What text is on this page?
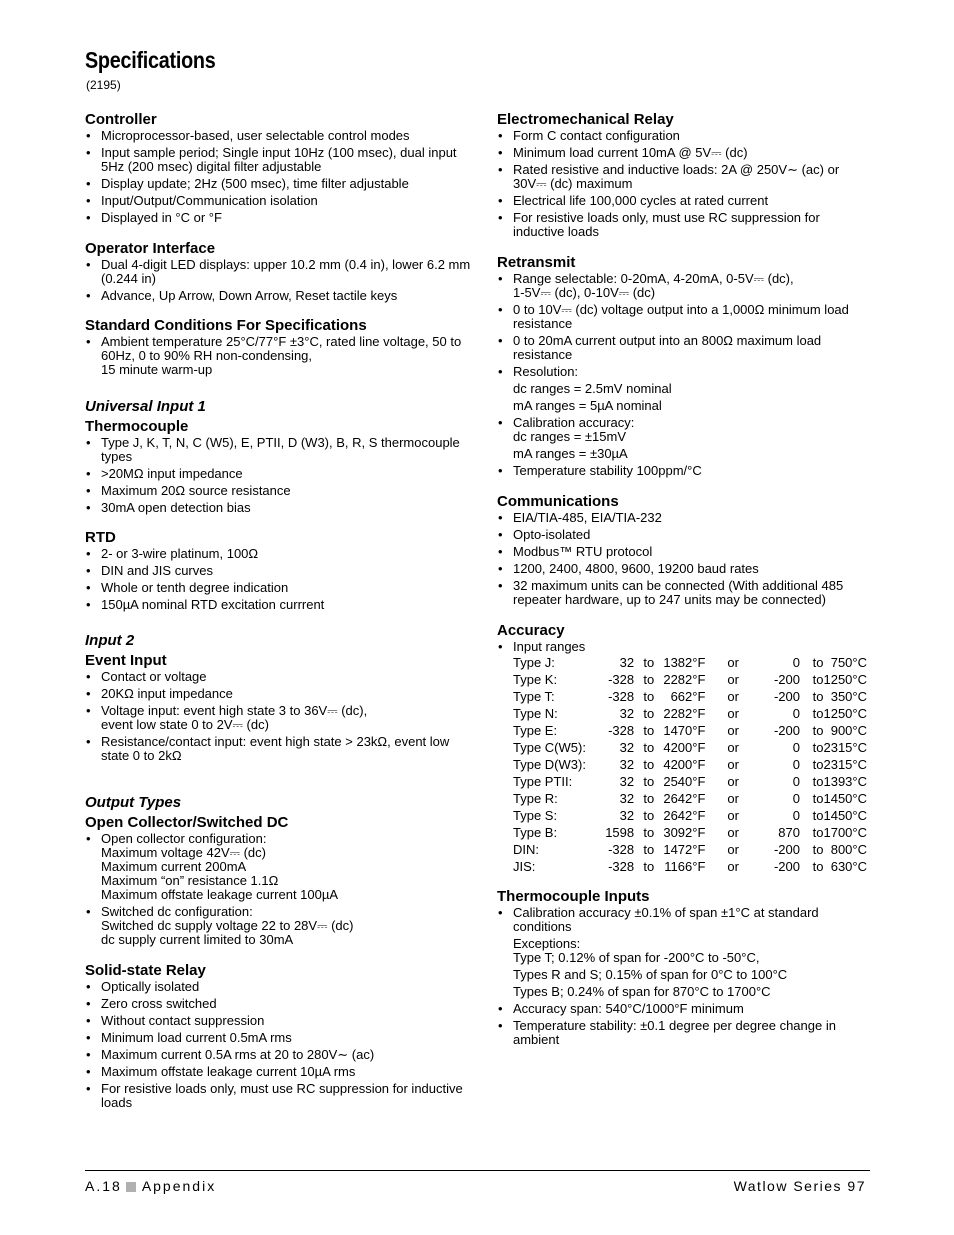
Specifications
(2195)
Controller
• Microprocessor-based, user selectable control modes
• Input sample period; Single input 10Hz (100 msec), dual input 5Hz (200 msec) digital filter adjustable
• Display update; 2Hz (500 msec), time filter adjustable
• Input/Output/Communication isolation
• Displayed in °C or °F
Operator Interface
• Dual 4-digit LED displays: upper 10.2 mm (0.4 in), lower 6.2 mm (0.244 in)
• Advance, Up Arrow, Down Arrow, Reset tactile keys
Standard Conditions For Specifications
• Ambient temperature 25°C/77°F ±3°C, rated line voltage, 50 to 60Hz, 0 to 90% RH non-condensing,
15 minute warm-up
Universal Input 1
Thermocouple
• Type J, K, T, N, C (W5), E, PTII, D (W3), B, R, S thermocouple types
• >20MΩ input impedance
• Maximum 20Ω source resistance
• 30mA open detection bias
RTD
• 2- or 3-wire platinum, 100Ω
• DIN and JIS curves
• Whole or tenth degree indication
• 150µA nominal RTD excitation currrent
Input 2
Event Input
• Contact or voltage
• 20KΩ input impedance
• Voltage input: event high state 3 to 36V⎓ (dc),
event low state 0 to 2V⎓ (dc)
• Resistance/contact input: event high state > 23kΩ, event low state 0 to 2kΩ
Output Types
Open Collector/Switched DC
• Open collector configuration:
Maximum voltage 42V⎓ (dc)
Maximum current 200mA
Maximum “on” resistance 1.1Ω
Maximum offstate leakage current 100µA
• Switched dc configuration:
Switched dc supply voltage 22 to 28V⎓ (dc)
dc supply current limited to 30mA
Solid-state Relay
• Optically isolated
• Zero cross switched
• Without contact suppression
• Minimum load current 0.5mA rms
• Maximum current 0.5A rms at 20 to 280V∼ (ac)
• Maximum offstate leakage current 10µA rms
• For resistive loads only, must use RC suppression for inductive loads
Electromechanical Relay
• Form C contact configuration
• Minimum load current 10mA @ 5V⎓ (dc)
• Rated resistive and inductive loads: 2A @ 250V∼ (ac) or 30V⎓ (dc) maximum
• Electrical life 100,000 cycles at rated current
• For resistive loads only, must use RC suppression for inductive loads
Retransmit
• Range selectable: 0-20mA, 4-20mA, 0-5V⎓ (dc),
1-5V⎓ (dc), 0-10V⎓ (dc)
• 0 to 10V⎓ (dc) voltage output into a 1,000Ω minimum load resistance
• 0 to 20mA current output into an 800Ω maximum load resistance
• Resolution:
dc ranges = 2.5mV nominal
mA ranges = 5µA nominal
• Calibration accuracy:
dc ranges = ±15mV
mA ranges = ±30µA
• Temperature stability 100ppm/°C
Communications
• EIA/TIA-485, EIA/TIA-232
• Opto-isolated
• Modbus™ RTU protocol
• 1200, 2400, 4800, 9600, 19200 baud rates
• 32 maximum units can be connected (With additional 485 repeater hardware, up to 247 units may be connected)
Accuracy
• Input ranges
Type J:	32	to	1382°F	or	0	to	750°C
Type K:	-328	to	2282°F	or	-200	to	1250°C
Type T:	-328	to	662°F	or	-200	to	350°C
Type N:	32	to	2282°F	or	0	to	1250°C
Type E:	-328	to	1470°F	or	-200	to	900°C
Type C(W5):	32	to	4200°F	or	0	to	2315°C
Type D(W3):	32	to	4200°F	or	0	to	2315°C
Type PTII:	32	to	2540°F	or	0	to	1393°C
Type R:	32	to	2642°F	or	0	to	1450°C
Type S:	32	to	2642°F	or	0	to	1450°C
Type B:	1598	to	3092°F	or	870	to	1700°C
DIN:	-328	to	1472°F	or	-200	to	800°C
JIS:	-328	to	1166°F	or	-200	to	630°C
Thermocouple Inputs
• Calibration accuracy ±0.1% of span ±1°C at standard conditions
Exceptions:
Type T; 0.12% of span for -200°C to -50°C,
Types R and S; 0.15% of span for 0°C to 100°C
Types B; 0.24% of span for 870°C to 1700°C
• Accuracy span: 540°C/1000°F minimum
• Temperature stability: ±0.1 degree per degree change in ambient
A.18 Appendix	Watlow Series 97
